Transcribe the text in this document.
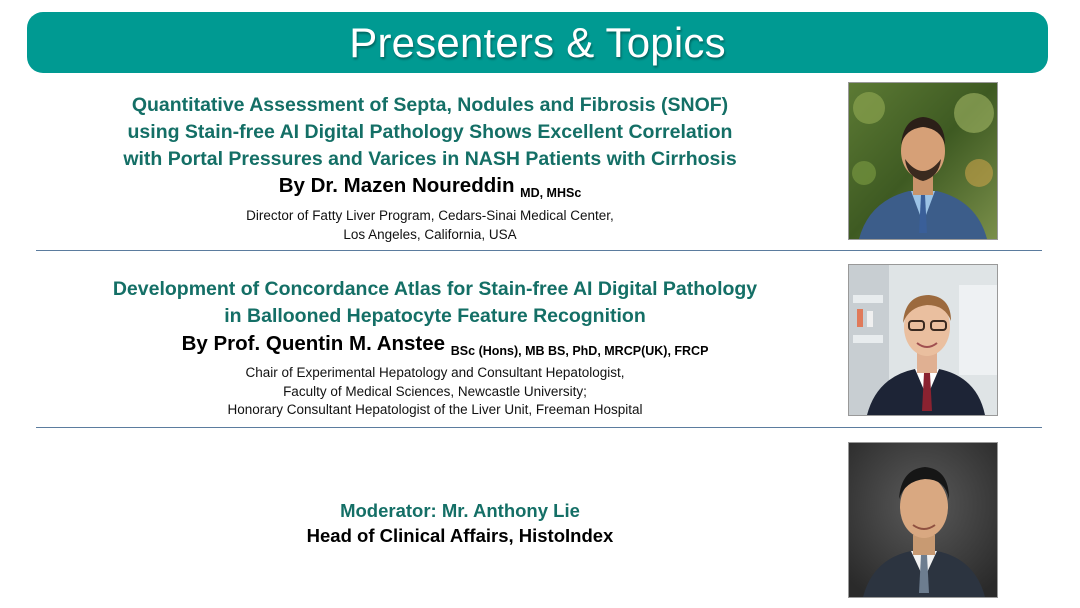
Presenters & Topics
Quantitative Assessment of Septa, Nodules and Fibrosis (SNOF)
using Stain-free AI Digital Pathology Shows Excellent Correlation
with Portal Pressures and Varices in NASH Patients with Cirrhosis
By Dr. Mazen Noureddin $_{MD, MHSc}$
Director of Fatty Liver Program, Cedars-Sinai Medical Center,
Los Angeles, California, USA
Development of Concordance Atlas for Stain-free AI Digital Pathology
in Ballooned Hepatocyte Feature Recognition
By Prof. Quentin M. Anstee $_{BSc (Hons), MB BS, PhD, MRCP(UK), FRCP}$
Chair of Experimental Hepatology and Consultant Hepatologist,
Faculty of Medical Sciences, Newcastle University;
Honorary Consultant Hepatologist of the Liver Unit, Freeman Hospital
Moderator: Mr. Anthony Lie
Head of Clinical Affairs, HistoIndex
